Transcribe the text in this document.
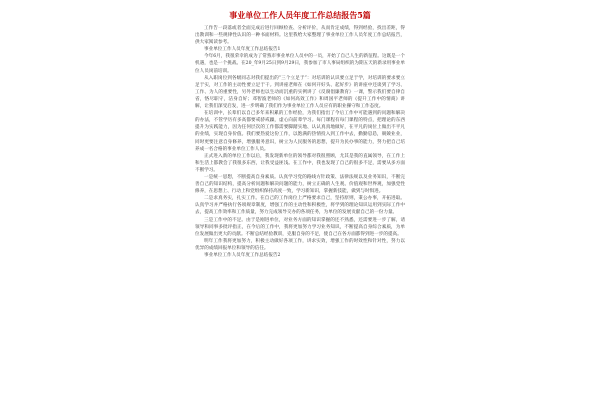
事业单位工作人员年度工作总结报告5篇

工作告一段落或者全面完成后进行回顾检查、分析评价，从而肯定成绩，得到经验，找出差距，得出教训和一些规律性认识的一种书面材料。这里我给大家整理了事业单位工作人员年度工作总结报告，供大家阅读参考。

事业单位工作人员年度工作总结报告1

今年6月，我很荣幸的成为了常熟市事业单位人员中的一员，开始了自己人生的新征程。这既是一个机遇，也是一个挑战。在20_年9月25日到9月29日，我参加了市人事局组织的为期五天的新录用事业单位人员岗前培训。

从入职岗位到各级同志对我们提出的“三个立足于”：对培训的认识要立足于学，对培训的要求要立足于实，对工作的主动性要立足于干。到讲座老师在《如何开好头、起好步》的讲座中还谈到了学习、工作、为人的重要性，另外老师也以生动而沉重的实例讲了《反腐倡廉教育》一课，警示我们要自律自省，恪尽职守，洁身自好；邓智波老师的《如何高效工作》和周国平老师的《提升工作中的情商》讲解，让我们深受启发，进一步明确了我们作为事业单位工作人员应有的职业操守和工作态度。

在培训中，长辈们以自己多年来积累的工作经验，为我们指出了今后工作中可能遇到的问题和解决的办法，不管学历有多高都要戒骄戒躁，虚心向前辈学习。每门课程有每门课程的特点，把理论的东西提升为实践能力，因为任何层次的工作都需要脚踏实地、认认真真地做好，在平凡的岗位上做出不平凡的业绩，实现自身价值。我们要热爱这份工作，以饱满的热情投入到工作中去，勤勤恳恳，兢兢业业，同时更要注意自身修养，增强服务意识，树立为人民服务的思想，提升为民办事的能力，努力把自己培养成一名合格的事业单位工作人员。

正式进入新的单位工作以后，我发现新单位的领导都对我很照顾，尤其是我的直属领导，在工作上和生活上都教会了我很多东西，让我受益匪浅。在工作中，我也发现了自己的很多不足，需要从多方面不断学习。

一是统一思想，不断提高自身素质。认真学习党的路线方针政策、法律法规以及业务知识，不断完善自己的知识结构，提高分析问题和解决问题的能力，树立正确的人生观、价值观和世界观，加强党性修养，在思想上、行动上和党组织保持高度一致，学习新知识，掌握新技能，做到与时俱进。

二是求真务实，扎实工作。在自己的工作岗位上严格要求自己，坚持原则，秉公办事，开拓进取。认真学习并严格执行各项规章制度，增强工作的主动性和积极性，将学到的理论知识运用到实际工作中去，提高工作效率和工作质量，努力完成领导交办的各项任务，为单位的发展贡献自己的一份力量。

三是工作中的不足。由于是刚进单位，对业务方面的知识掌握的还不熟悉，还需要进一步了解，请领导和同事多批评指正，在今后的工作中，我将更加努力学习业务知识，不断提高自身综合素质，为单位发展做出更大的贡献。不断总结经验教训，克服自身的不足，使自己在各方面都得到进一步的提高。

明年工作我将更加努力，积极主动做好各项工作，讲求实效，增强工作的时效性和针对性，努力以优异的成绩回报单位和领导的信任。

事业单位工作人员年度工作总结报告2
